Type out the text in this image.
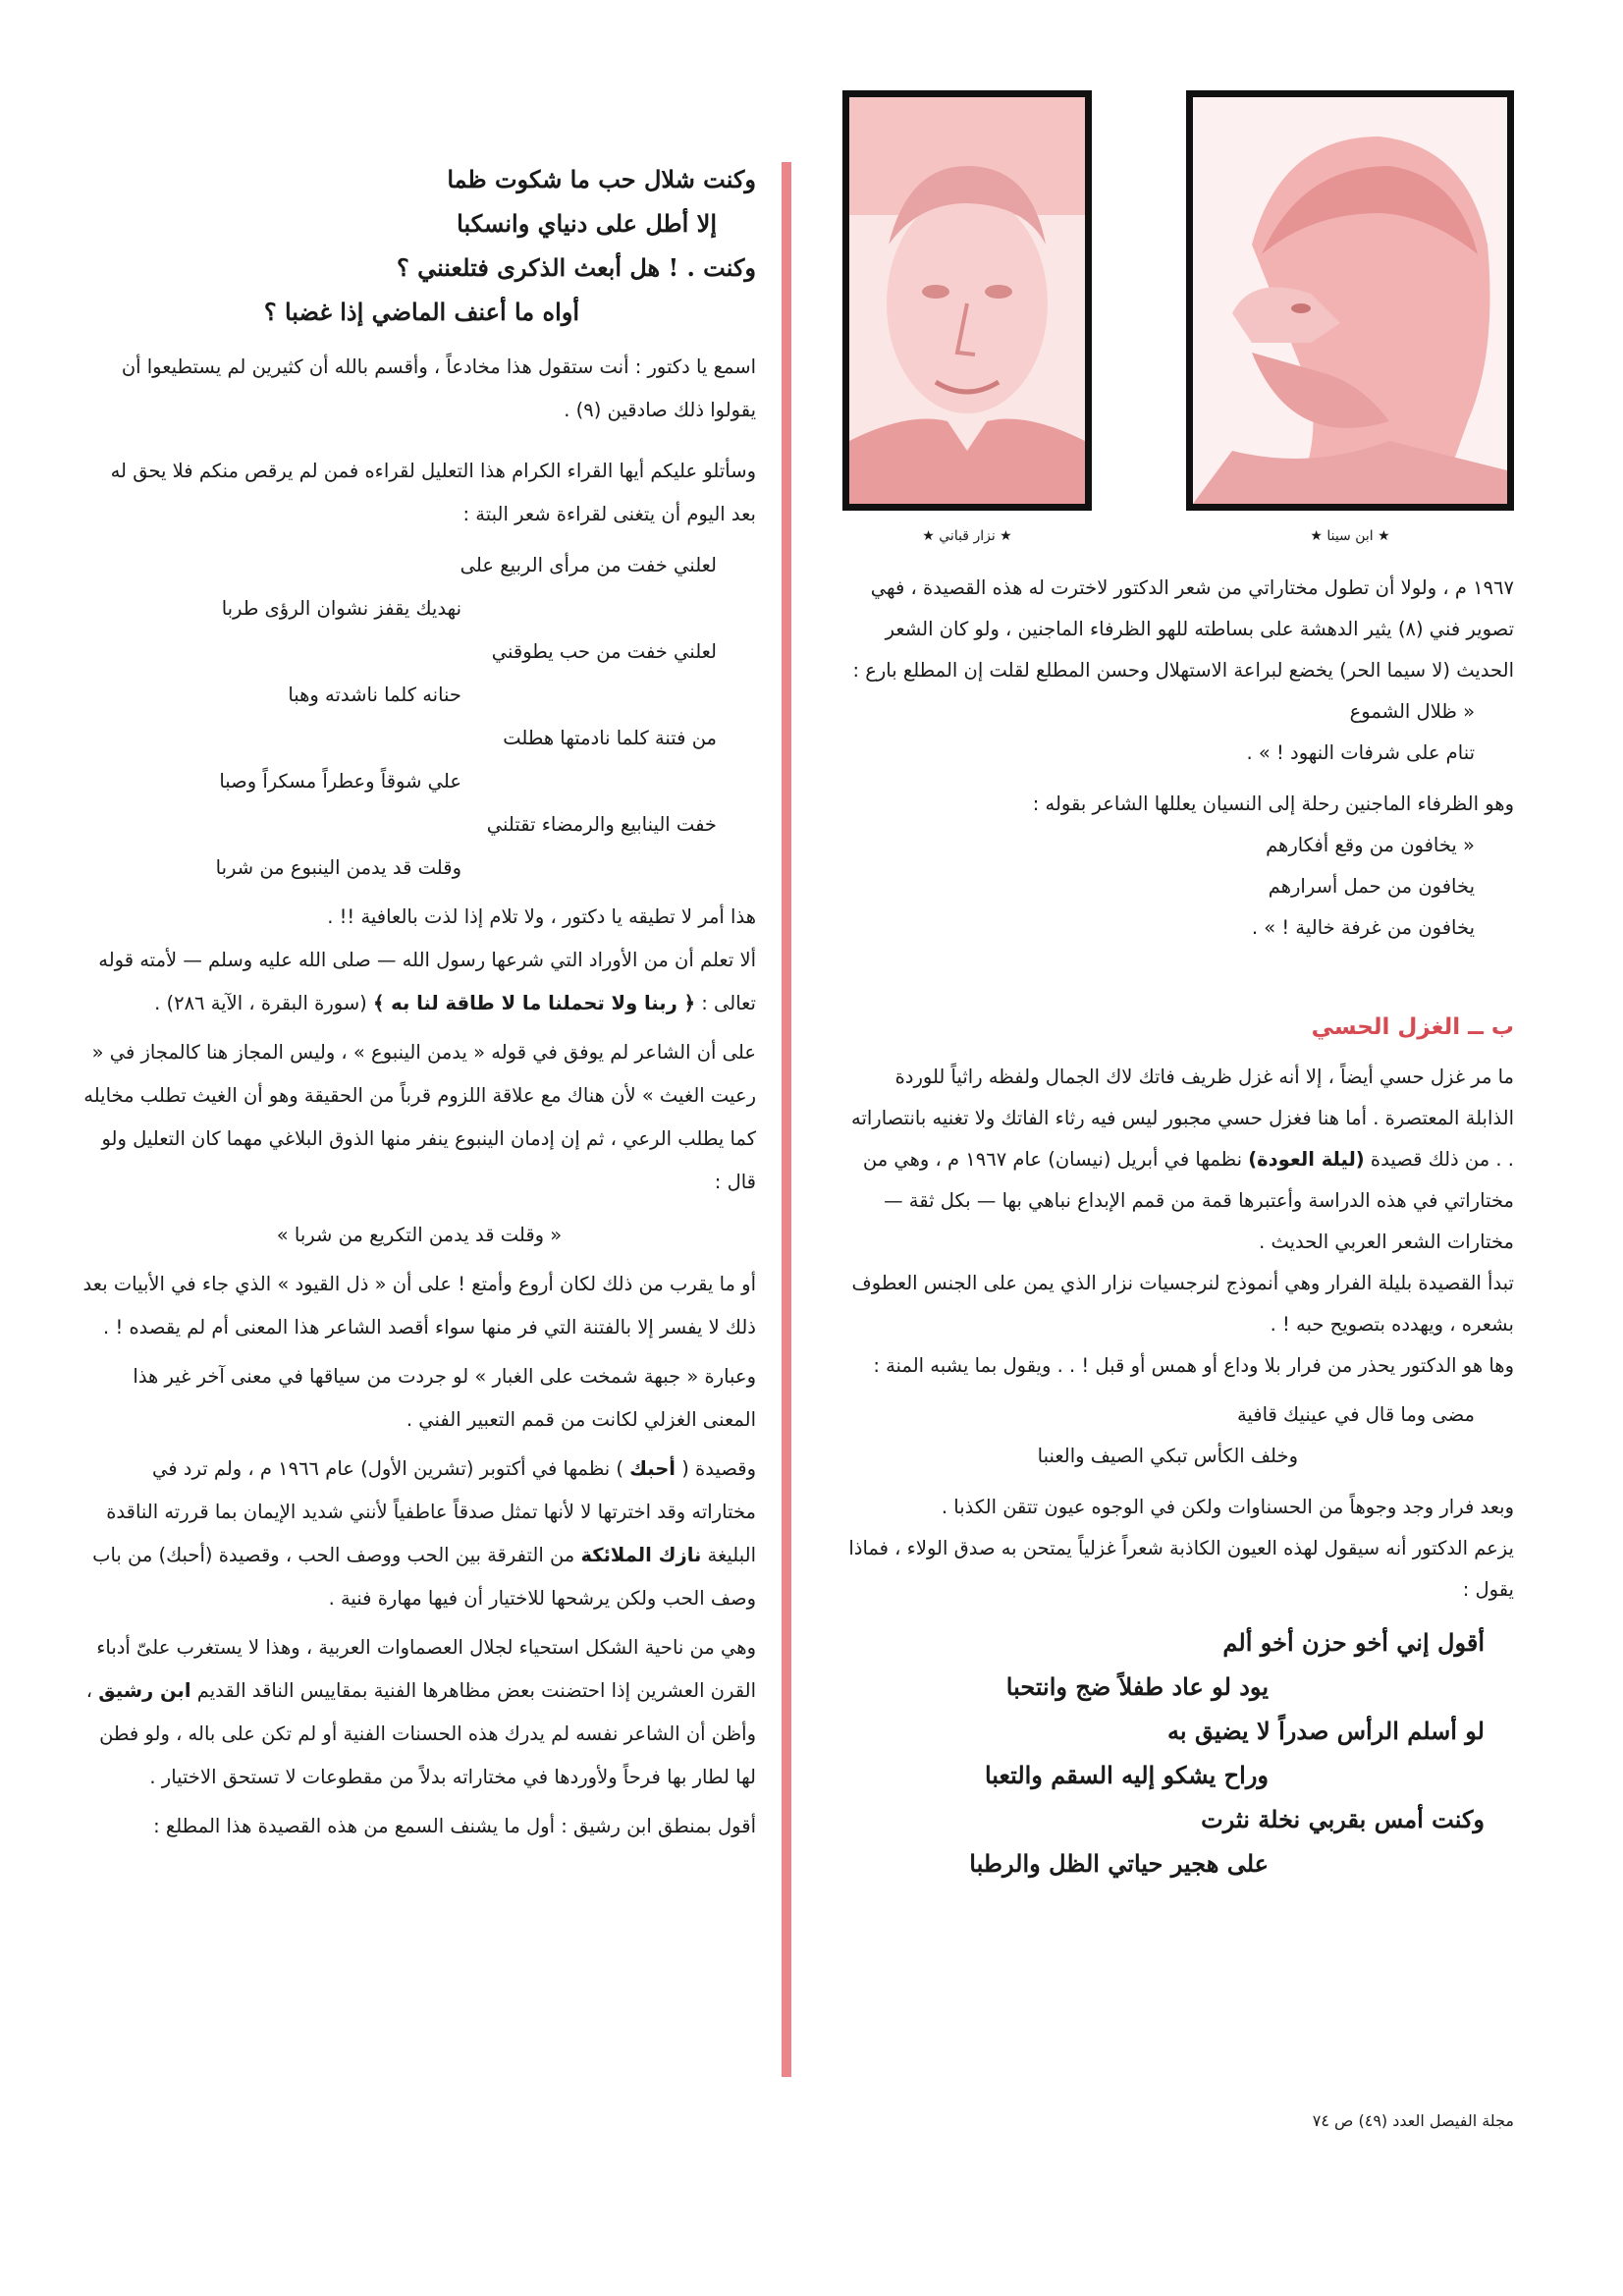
★ نزار قباني ★	★ ابن سينا ★
وكنت شلال حب ما شكوت ظما
إلا أطل على دنياي وانسكبا
وكنت . ! هل أبعث الذكرى فتلعنني ؟
أواه ما أعنف الماضي إذا غضبا ؟

اسمع يا دكتور : أنت ستقول هذا مخادعاً ، وأقسم بالله أن كثيرين لم يستطيعوا أن يقولوا ذلك صادقين (٩) .

وسأتلو عليكم أيها القراء الكرام هذا التعليل لقراءه فمن لم يرقص منكم فلا يحق له بعد اليوم أن يتغنى لقراءة شعر البتة :

لعلني خفت من مرأى الربيع على
نهديك يقفز نشوان الرؤى طربا
لعلني خفت من حب يطوقني
حنانه كلما ناشدته وهبا
من فتنة كلما نادمتها هطلت
علي شوقاً وعطراً مسكراً وصبا
خفت الينابيع والرمضاء تقتلني
وقلت قد يدمن الينبوع من شربا

هذا أمر لا تطيقه يا دكتور ، ولا تلام إذا لذت بالعافية !! .

ألا تعلم أن من الأوراد التي شرعها رسول الله — صلى الله عليه وسلم — لأمته قوله تعالى : ﴿ ربنا ولا تحملنا ما لا طاقة لنا به ﴾ (سورة البقرة ، الآية ٢٨٦) .

على أن الشاعر لم يوفق في قوله « يدمن الينبوع » ، وليس المجاز هنا كالمجاز في « رعيت الغيث » لأن هناك مع علاقة اللزوم قرباً من الحقيقة وهو أن الغيث تطلب مخايله كما يطلب الرعي ، ثم إن إدمان الينبوع ينفر منها الذوق البلاغي مهما كان التعليل ولو قال :

« وقلت قد يدمن التكريع من شربا »

أو ما يقرب من ذلك لكان أروع وأمتع ! على أن « ذل القيود » الذي جاء في الأبيات بعد ذلك لا يفسر إلا بالفتنة التي فر منها سواء أقصد الشاعر هذا المعنى أم لم يقصده ! .

وعبارة « جبهة شمخت على الغبار » لو جردت من سياقها في معنى آخر غير هذا المعنى الغزلي لكانت من قمم التعبير الفني .

وقصيدة ( أحبك ) نظمها في أكتوبر (تشرين الأول) عام ١٩٦٦ م ، ولم ترد في مختاراته وقد اخترتها لا لأنها تمثل صدقاً عاطفياً لأنني شديد الإيمان بما قررته الناقدة البليغة نازك الملائكة من التفرقة بين الحب ووصف الحب ، وقصيدة (أحبك) من باب وصف الحب ولكن يرشحها للاختيار أن فيها مهارة فنية .

وهي من ناحية الشكل استحياء لجلال العصماوات العربية ، وهذا لا يستغرب علىّ أدباء القرن العشرين إذا احتضنت بعض مظاهرها الفنية بمقاييس الناقد القديم ابن رشيق ، وأظن أن الشاعر نفسه لم يدرك هذه الحسنات الفنية أو لم تكن على باله ، ولو فطن لها لطار بها فرحاً ولأوردها في مختاراته بدلاً من مقطوعات لا تستحق الاختيار .

أقول بمنطق ابن رشيق : أول ما يشنف السمع من هذه القصيدة هذا المطلع :

١٩٦٧ م ، ولولا أن تطول مختاراتي من شعر الدكتور لاخترت له هذه القصيدة ، فهي تصوير فني (٨) يثير الدهشة على بساطته للهو الظرفاء الماجنين ، ولو كان الشعر الحديث (لا سيما الحر) يخضع لبراعة الاستهلال وحسن المطلع لقلت إن المطلع بارع :

« ظلال الشموع
تنام على شرفات النهود ! » .

وهو الظرفاء الماجنين رحلة إلى النسيان يعللها الشاعر بقوله :

« يخافون من وقع أفكارهم
يخافون من حمل أسرارهم
يخافون من غرفة خالية ! » .
ب ــ الغزل الحسي

ما مر غزل حسي أيضاً ، إلا أنه غزل ظريف فاتك لاك الجمال ولفظه راثياً للوردة الذابلة المعتصرة . أما هنا فغزل حسي مجبور ليس فيه رثاء الفاتك ولا تغنيه بانتصاراته . . من ذلك قصيدة (ليلة العودة) نظمها في أبريل (نيسان) عام ١٩٦٧ م ، وهي من مختاراتي في هذه الدراسة وأعتبرها قمة من قمم الإبداع نباهي بها — بكل ثقة — مختارات الشعر العربي الحديث .

تبدأ القصيدة بليلة الفرار وهي أنموذج لنرجسيات نزار الذي يمن على الجنس العطوف بشعره ، ويهدده بتصويح حبه ! .

وها هو الدكتور يحذر من فرار بلا وداع أو همس أو قبل ! . . ويقول بما يشبه المنة :

مضى وما قال في عينيك قافية
وخلف الكأس تبكي الصيف والعنبا

وبعد فرار وجد وجوهاً من الحسناوات ولكن في الوجوه عيون تتقن الكذبا .

يزعم الدكتور أنه سيقول لهذه العيون الكاذبة شعراً غزلياً يمتحن به صدق الولاء ، فماذا يقول :

أقول إني أخو حزن أخو ألم
يود لو عاد طفلاً ضج وانتحبا
لو أسلم الرأس صدراً لا يضيق به
وراح يشكو إليه السقم والتعبا
وكنت أمس بقربي نخلة نثرت
على هجير حياتي الظل والرطبا
مجلة الفيصل العدد (٤٩) ص ٧٤
